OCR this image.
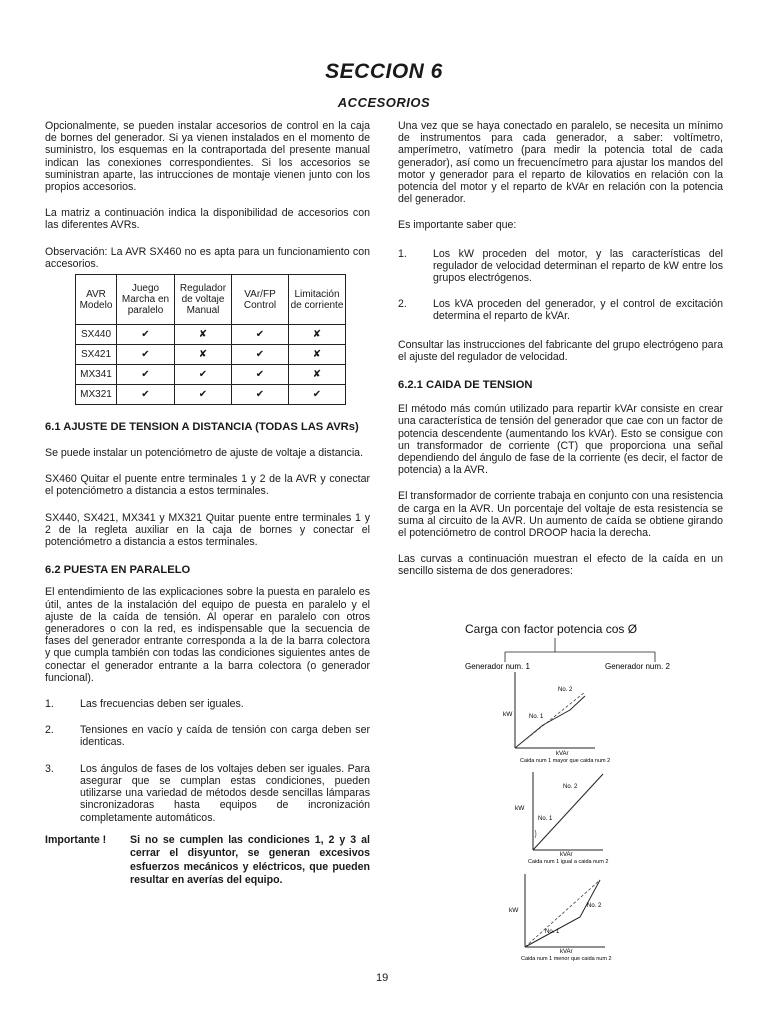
SECCION 6
ACCESORIOS

Opcionalmente, se pueden instalar accesorios de control en la caja de bornes del generador. Si ya vienen instalados en el momento de suministro, los esquemas en la contraportada del presente manual indican las conexiones correspondientes. Si los accesorios se suministran aparte, las intrucciones de montaje vienen junto con los propios accesorios.

La matriz a continuación indica la disponibilidad de accesorios con las diferentes AVRs.

Observación: La AVR SX460 no es apta para un funcionamiento con accesorios.

AVR Modelo	Juego Marcha en paralelo	Regulador de voltaje Manual	VAr/FP Control	Limitación de corriente
SX440	✔	✘	✔	✘
SX421	✔	✘	✔	✘
MX341	✔	✔	✔	✘
MX321	✔	✔	✔	✔

6.1 AJUSTE DE TENSION A DISTANCIA (TODAS LAS AVRs)

Se puede instalar un potenciómetro de ajuste de voltaje a distancia.

SX460 Quitar el puente entre terminales 1 y 2 de la AVR y conectar el potenciómetro a distancia a estos terminales.

SX440, SX421, MX341 y MX321 Quitar puente entre terminales 1 y 2 de la regleta auxiliar en la caja de bornes y conectar el potenciómetro a distancia a estos terminales.

6.2 PUESTA EN PARALELO

El entendimiento de las explicaciones sobre la puesta en paralelo es útil, antes de la instalación del equipo de puesta en paralelo y el ajuste de la caída de tensión. Al operar en paralelo con otros generadores o con la red, es indispensable que la secuencia de fases del generador entrante corresponda a la de la barra colectora y que cumpla también con todas las condiciones siguientes antes de conectar el generador entrante a la barra colectora (o generador funcional).

1. Las frecuencias deben ser iguales.
2. Tensiones en vacío y caída de tensión con carga deben ser identicas.
3. Los ángulos de fases de los voltajes deben ser iguales. Para asegurar que se cumplan estas condiciones, pueden utilizarse una variedad de métodos desde sencillas lámparas sincronizadoras hasta equipos de incronización completamente automáticos.
Importante ! Si no se cumplen las condiciones 1, 2 y 3 al cerrar el disyuntor, se generan excesivos esfuerzos mecánicos y eléctricos, que pueden resultar en averías del equipo.

Una vez que se haya conectado en paralelo, se necesita un mínimo de instrumentos para cada generador, a saber: voltímetro, amperímetro, vatímetro (para medir la potencia total de cada generador), así como un frecuencímetro para ajustar los mandos del motor y generador para el reparto de kilovatios en relación con la potencia del motor y el reparto de kVAr en relación con la potencia del generador.

Es importante saber que:

1. Los kW proceden del motor, y las características del regulador de velocidad determinan el reparto de kW entre los grupos electrógenos.
2. Los kVA proceden del generador, y el control de excitación determina el reparto de kVAr.

Consultar las instrucciones del fabricante del grupo electrógeno para el ajuste del regulador de velocidad.

6.2.1 CAIDA DE TENSION

El método más común utilizado para repartir kVAr consiste en crear una característica de tensión del generador que cae con un factor de potencia descendente (aumentando los kVAr). Esto se consigue con un transformador de corriente (CT) que proporciona una señal dependiendo del ángulo de fase de la corriente (es decir, el factor de potencia) a la AVR.

El transformador de corriente trabaja en conjunto con una resistencia de carga en la AVR. Un porcentaje del voltaje de esta resistencia se suma al circuito de la AVR. Un aumento de caída se obtiene girando el potenciómetro de control DROOP hacia la derecha.

Las curvas a continuación muestran el efecto de la caída en un sencillo sistema de dos generadores:

Carga con factor potencia cos Ø
Generador num. 1	Generador num. 2
kW	No. 1
No. 2
kVAr
Caida num 1 mayor que caida num 2
kW
No. 1
No. 2
kVAr
Caida num 1 igual a caida num 2
kW
No. 2
No. 1
kVAr
Caida num 1 menor que caida num 2
19
